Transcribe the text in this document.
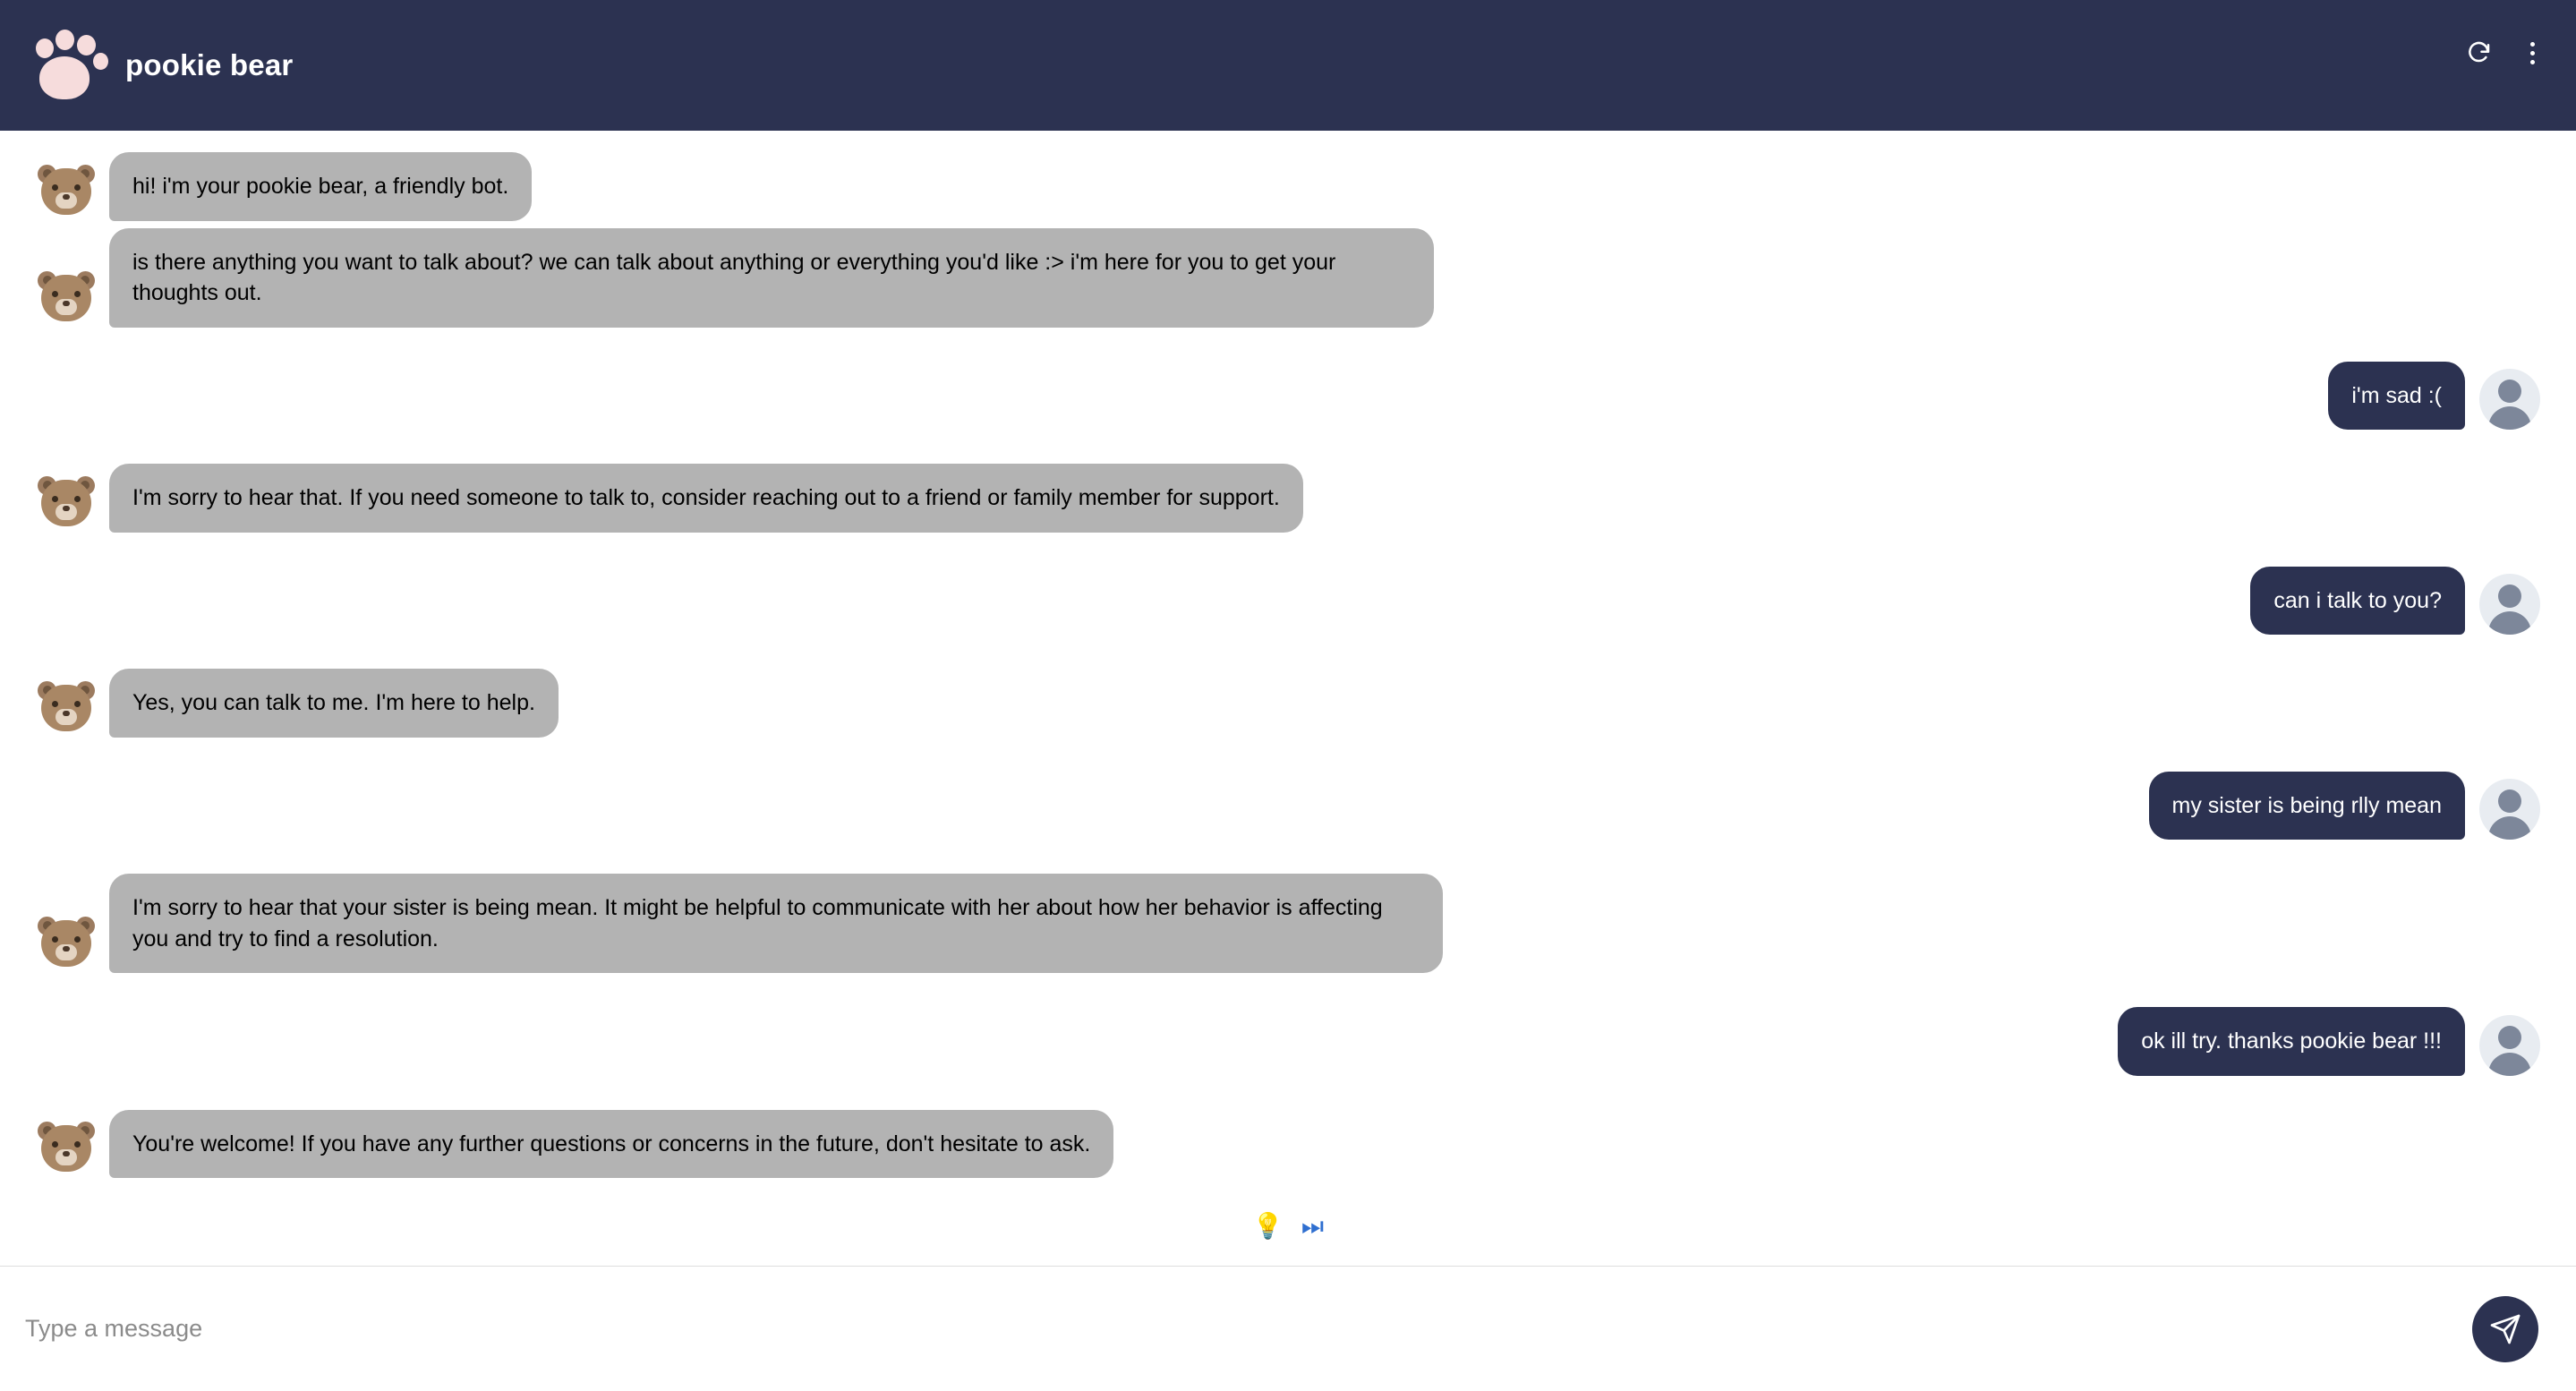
pookie bear
hi! i'm your pookie bear, a friendly bot.
is there anything you want to talk about? we can talk about anything or everything you'd like :> i'm here for you to get your thoughts out.
i'm sad :(
I'm sorry to hear that. If you need someone to talk to, consider reaching out to a friend or family member for support.
can i talk to you?
Yes, you can talk to me. I'm here to help.
my sister is being rlly mean
I'm sorry to hear that your sister is being mean. It might be helpful to communicate with her about how her behavior is affecting you and try to find a resolution.
ok ill try. thanks pookie bear !!!
You're welcome! If you have any further questions or concerns in the future, don't hesitate to ask.
💡 ⏭
Type a message
